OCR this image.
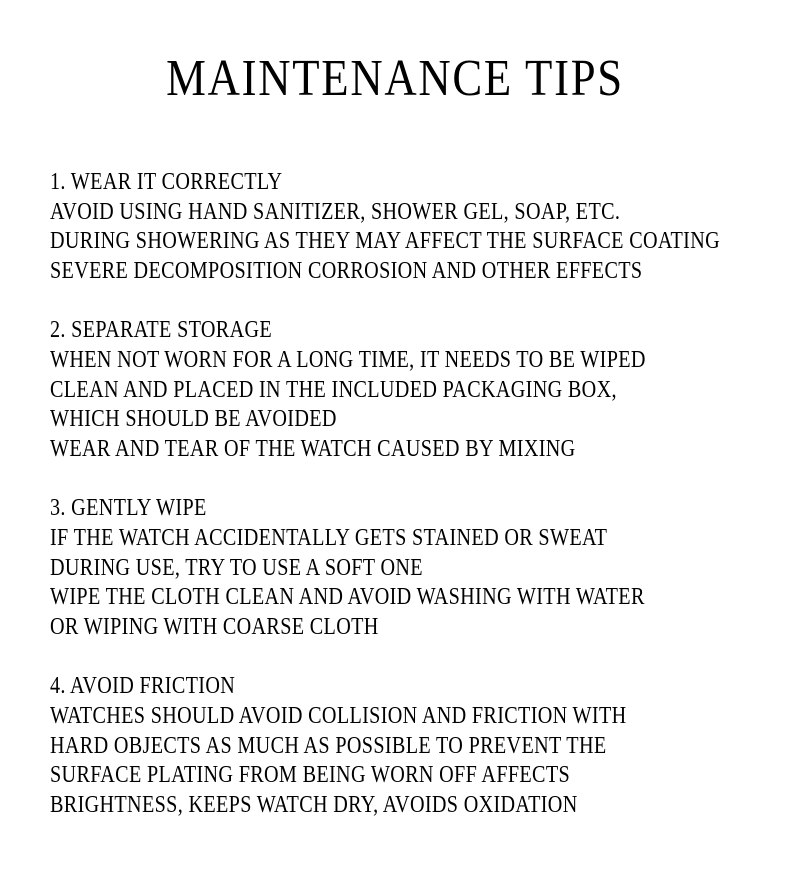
MAINTENANCE TIPS
1. WEAR IT CORRECTLY
AVOID USING HAND SANITIZER, SHOWER GEL, SOAP, ETC.
DURING SHOWERING AS THEY MAY AFFECT THE SURFACE COATING
SEVERE DECOMPOSITION CORROSION AND OTHER EFFECTS
2. SEPARATE STORAGE
WHEN NOT WORN FOR A LONG TIME, IT NEEDS TO BE WIPED
CLEAN AND PLACED IN THE INCLUDED PACKAGING BOX,
WHICH SHOULD BE AVOIDED
WEAR AND TEAR OF THE WATCH CAUSED BY MIXING
3. GENTLY WIPE
IF THE WATCH ACCIDENTALLY GETS STAINED OR SWEAT
DURING USE, TRY TO USE A SOFT ONE
WIPE THE CLOTH CLEAN AND AVOID WASHING WITH WATER
OR WIPING WITH COARSE CLOTH
4. AVOID FRICTION
WATCHES SHOULD AVOID COLLISION AND FRICTION WITH
HARD OBJECTS AS MUCH AS POSSIBLE TO PREVENT THE
SURFACE PLATING FROM BEING WORN OFF AFFECTS
BRIGHTNESS, KEEPS WATCH DRY, AVOIDS OXIDATION
